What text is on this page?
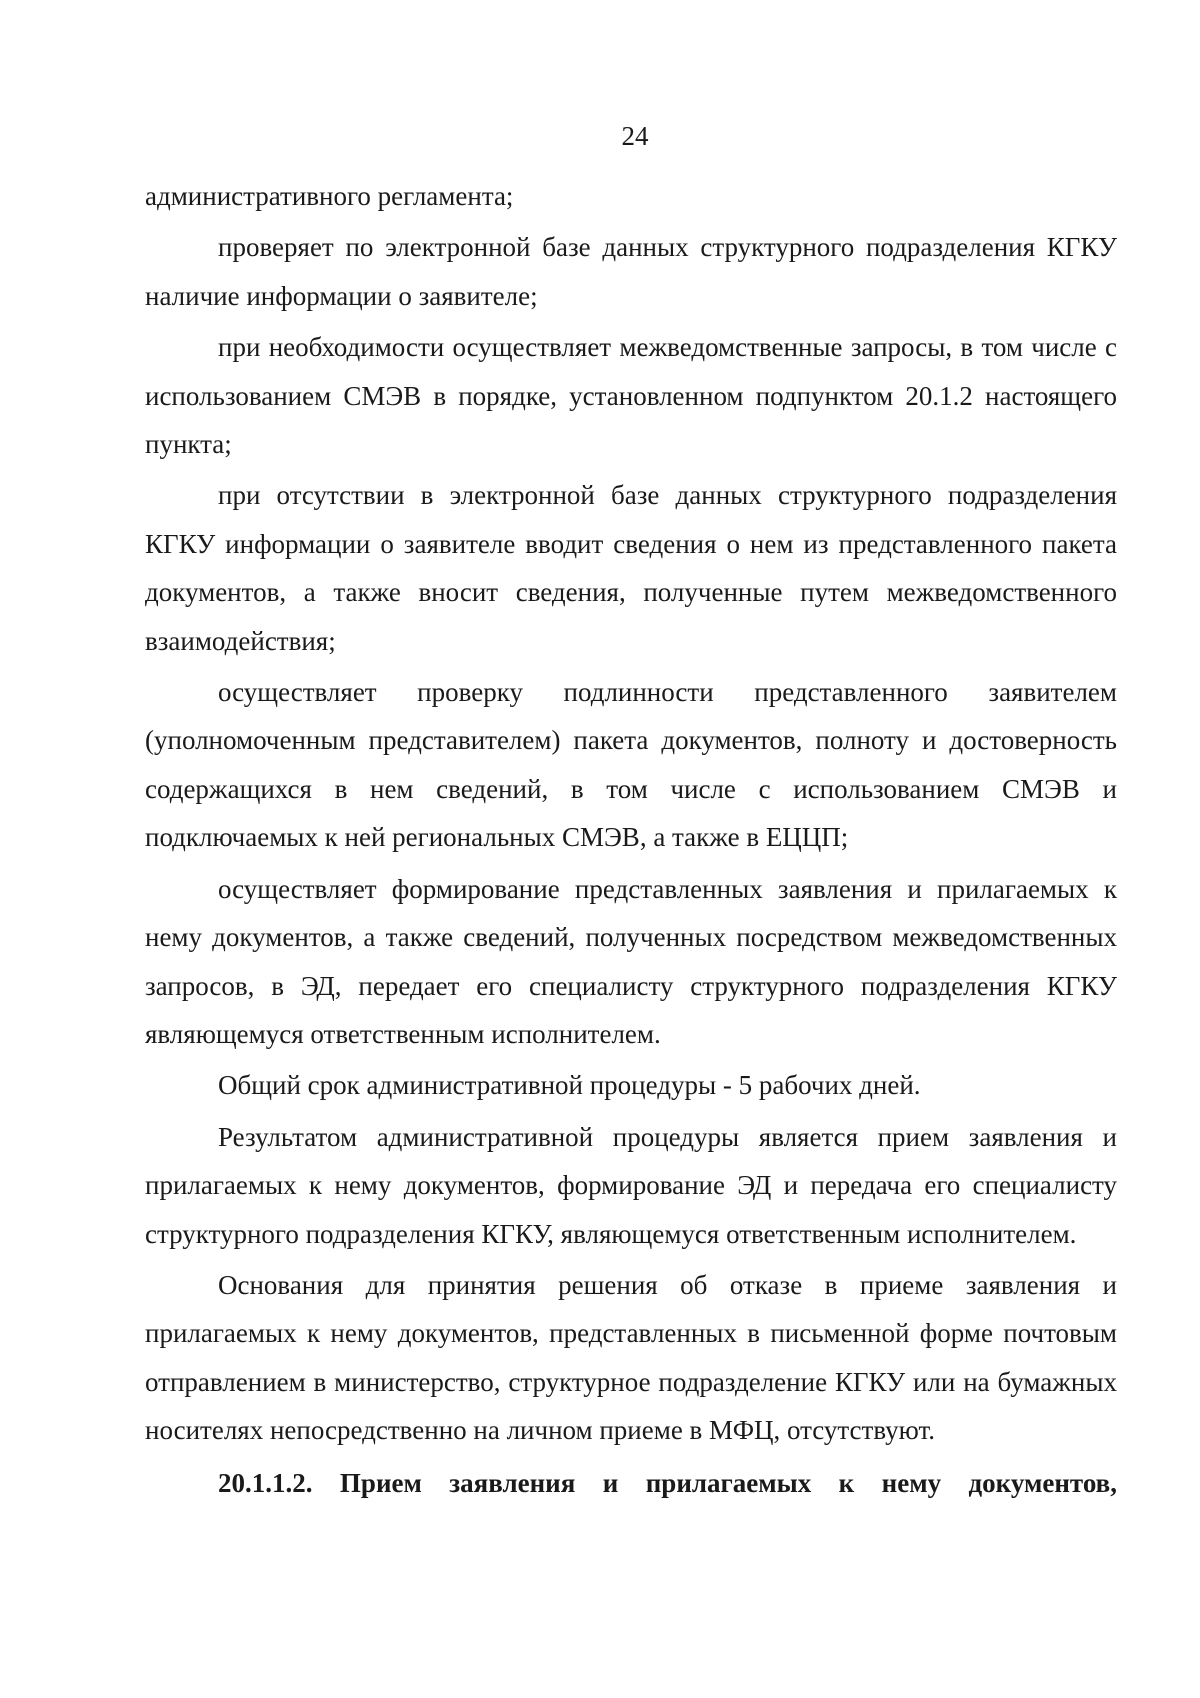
24

административного регламента;

проверяет по электронной базе данных структурного подразделения КГКУ наличие информации о заявителе;

при необходимости осуществляет межведомственные запросы, в том числе с использованием СМЭВ в порядке, установленном подпунктом 20.1.2 настоящего пункта;

при отсутствии в электронной базе данных структурного подразделения КГКУ информации о заявителе вводит сведения о нем из представленного пакета документов, а также вносит сведения, полученные путем межведомственного взаимодействия;

осуществляет проверку подлинности представленного заявителем (уполномоченным представителем) пакета документов, полноту и достоверность содержащихся в нем сведений, в том числе с использованием СМЭВ и подключаемых к ней региональных СМЭВ, а также в ЕЦЦП;

осуществляет формирование представленных заявления и прилагаемых к нему документов, а также сведений, полученных посредством межведомственных запросов, в ЭД, передает его специалисту структурного подразделения КГКУ являющемуся ответственным исполнителем.

Общий срок административной процедуры - 5 рабочих дней.

Результатом административной процедуры является прием заявления и прилагаемых к нему документов, формирование ЭД и передача его специалисту структурного подразделения КГКУ, являющемуся ответственным исполнителем.

Основания для принятия решения об отказе в приеме заявления и прилагаемых к нему документов, представленных в письменной форме почтовым отправлением в министерство, структурное подразделение КГКУ или на бумажных носителях непосредственно на личном приеме в МФЦ, отсутствуют.

20.1.1.2. Прием заявления и прилагаемых к нему документов,
